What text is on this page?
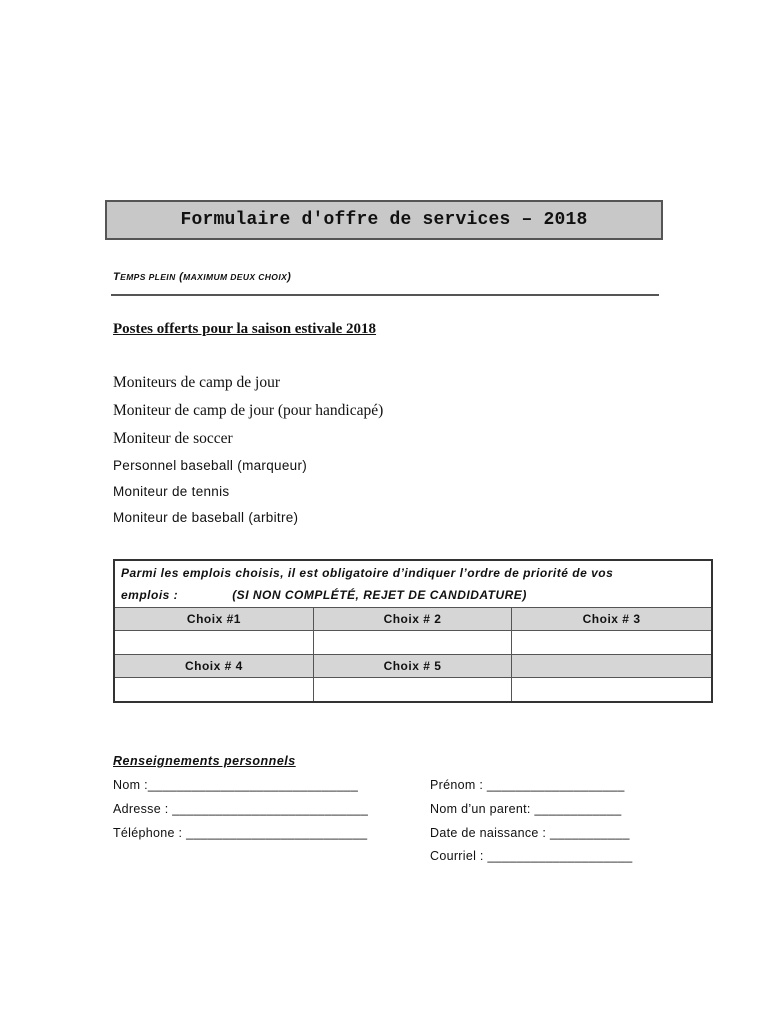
Formulaire d'offre de services – 2018
TEMPS PLEIN (MAXIMUM DEUX CHOIX)
Postes offerts pour la saison estivale 2018
Moniteurs de camp de jour
Moniteur de camp de jour (pour handicapé)
Moniteur de soccer
Personnel baseball (marqueur)
Moniteur de tennis
Moniteur de baseball (arbitre)
Parmi les emplois choisis, il est obligatoire d’indiquer l’ordre de priorité de vos
emplois : (SI NON COMPLÉTÉ, REJET DE CANDIDATURE)		

Choix #1	Choix # 2	Choix # 3

Choix # 4	Choix # 5	

Renseignements personnels
Nom :_____________________________
Adresse : ___________________________
Téléphone : _________________________
Prénom : ___________________
Nom d’un parent: ____________
Date de naissance : ___________
Courriel : ____________________
